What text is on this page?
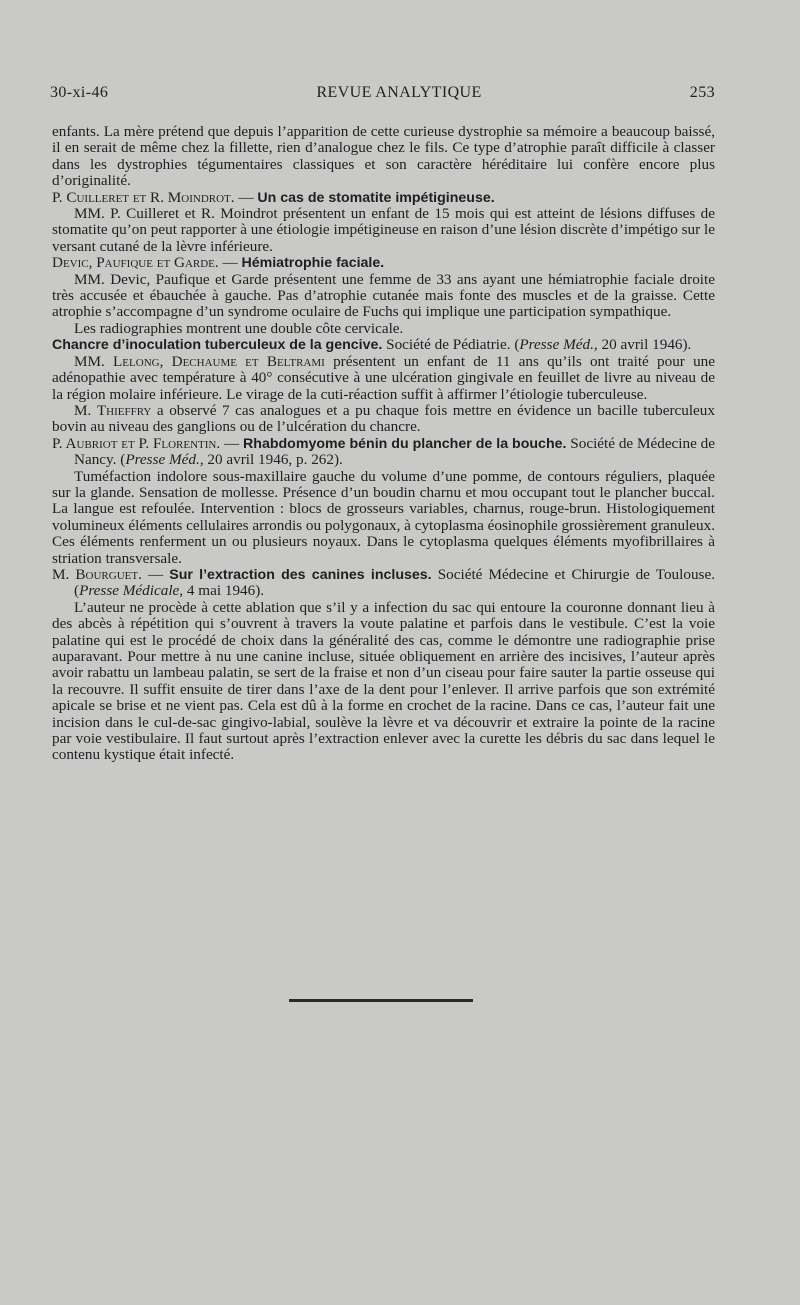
30-xi-46	REVUE ANALYTIQUE	253

enfants. La mère prétend que depuis l’apparition de cette curieuse dystrophie sa mémoire a beaucoup baissé, il en serait de même chez la fillette, rien d’analogue chez le fils. Ce type d’atrophie paraît difficile à classer dans les dystrophies tégumentaires classiques et son caractère héréditaire lui confère encore plus d’originalité.

P. Cuilleret et R. Moindrot. — Un cas de stomatite impétigineuse.

MM. P. Cuilleret et R. Moindrot présentent un enfant de 15 mois qui est atteint de lésions diffuses de stomatite qu’on peut rapporter à une étiologie impétigineuse en raison d’une lésion discrète d’impétigo sur le versant cutané de la lèvre inférieure.

Devic, Paufique et Garde. — Hémiatrophie faciale.

MM. Devic, Paufique et Garde présentent une femme de 33 ans ayant une hémiatrophie faciale droite très accusée et ébauchée à gauche. Pas d’atrophie cutanée mais fonte des muscles et de la graisse. Cette atrophie s’accompagne d’un syndrome oculaire de Fuchs qui implique une participation sympathique.

Les radiographies montrent une double côte cervicale.

Chancre d’inoculation tuberculeux de la gencive. Société de Pédiatrie. (Presse Méd., 20 avril 1946).

MM. Lelong, Dechaume et Beltrami présentent un enfant de 11 ans qu’ils ont traité pour une adénopathie avec température à 40° consécutive à une ulcération gingivale en feuillet de livre au niveau de la région molaire inférieure. Le virage de la cuti-réaction suffit à affirmer l’étiologie tuberculeuse.

M. Thieffry a observé 7 cas analogues et a pu chaque fois mettre en évidence un bacille tuberculeux bovin au niveau des ganglions ou de l’ulcération du chancre.

P. Aubriot et P. Florentin. — Rhabdomyome bénin du plancher de la bouche. Société de Médecine de Nancy. (Presse Méd., 20 avril 1946, p. 262).

Tuméfaction indolore sous-maxillaire gauche du volume d’une pomme, de contours réguliers, plaquée sur la glande. Sensation de mollesse. Présence d’un boudin charnu et mou occupant tout le plancher buccal. La langue est refoulée. Intervention : blocs de grosseurs variables, charnus, rouge-brun. Histologiquement volumineux éléments cellulaires arrondis ou polygonaux, à cytoplasma éosinophile grossièrement granuleux. Ces éléments renferment un ou plusieurs noyaux. Dans le cytoplasma quelques éléments myofibrillaires à striation transversale.

M. Bourguet. — Sur l’extraction des canines incluses. Société Médecine et Chirurgie de Toulouse. (Presse Médicale, 4 mai 1946).

L’auteur ne procède à cette ablation que s’il y a infection du sac qui entoure la couronne donnant lieu à des abcès à répétition qui s’ouvrent à travers la voute palatine et parfois dans le vestibule. C’est la voie palatine qui est le procédé de choix dans la généralité des cas, comme le démontre une radiographie prise auparavant. Pour mettre à nu une canine incluse, située obliquement en arrière des incisives, l’auteur après avoir rabattu un lambeau palatin, se sert de la fraise et non d’un ciseau pour faire sauter la partie osseuse qui la recouvre. Il suffit ensuite de tirer dans l’axe de la dent pour l’enlever. Il arrive parfois que son extrémité apicale se brise et ne vient pas. Cela est dû à la forme en crochet de la racine. Dans ce cas, l’auteur fait une incision dans le cul-de-sac gingivo-labial, soulève la lèvre et va découvrir et extraire la pointe de la racine par voie vestibulaire. Il faut surtout après l’extraction enlever avec la curette les débris du sac dans lequel le contenu kystique était infecté.
